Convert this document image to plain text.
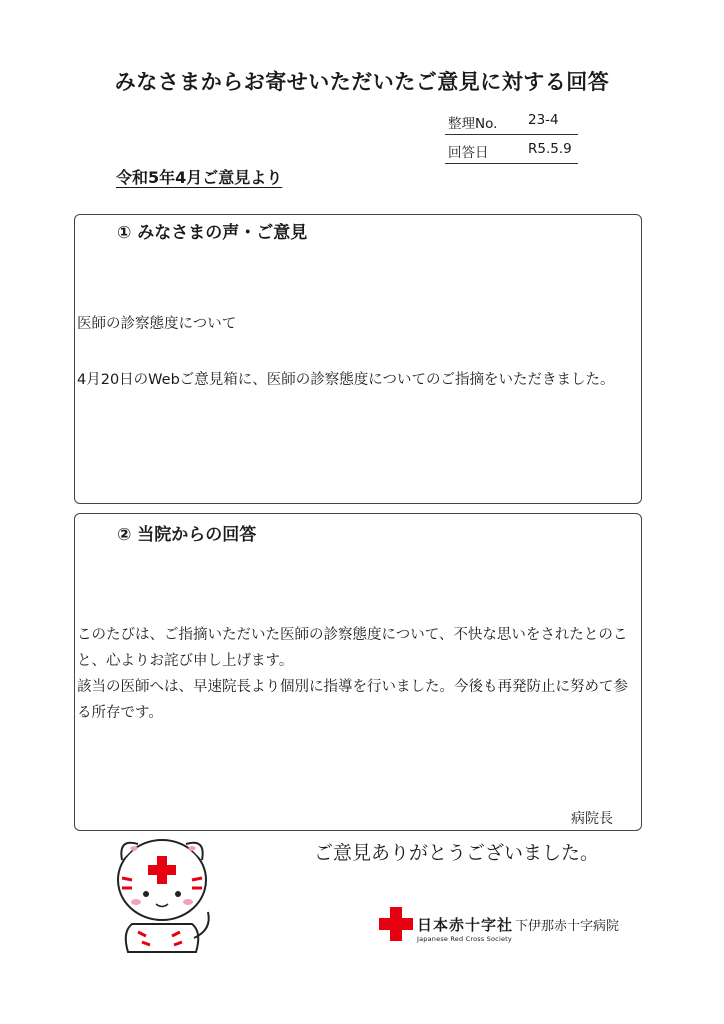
みなさまからお寄せいただいたご意見に対する回答
整理No. 23-4
回答日	R5.5.9
令和5年4月ご意見より
① みなさまの声・ご意見
医師の診察態度について
4月20日のWebご意見箱に、医師の診察態度についてのご指摘をいただきました。
② 当院からの回答
このたびは、ご指摘いただいた医師の診察態度について、不快な思いをされたとのこと、心よりお詫び申し上げます。
該当の医師へは、早速院長より個別に指導を行いました。今後も再発防止に努めて参る所存です。
病院長
ご意見ありがとうございました。
日本赤十字社
Japanese Red Cross Society
下伊那赤十字病院
